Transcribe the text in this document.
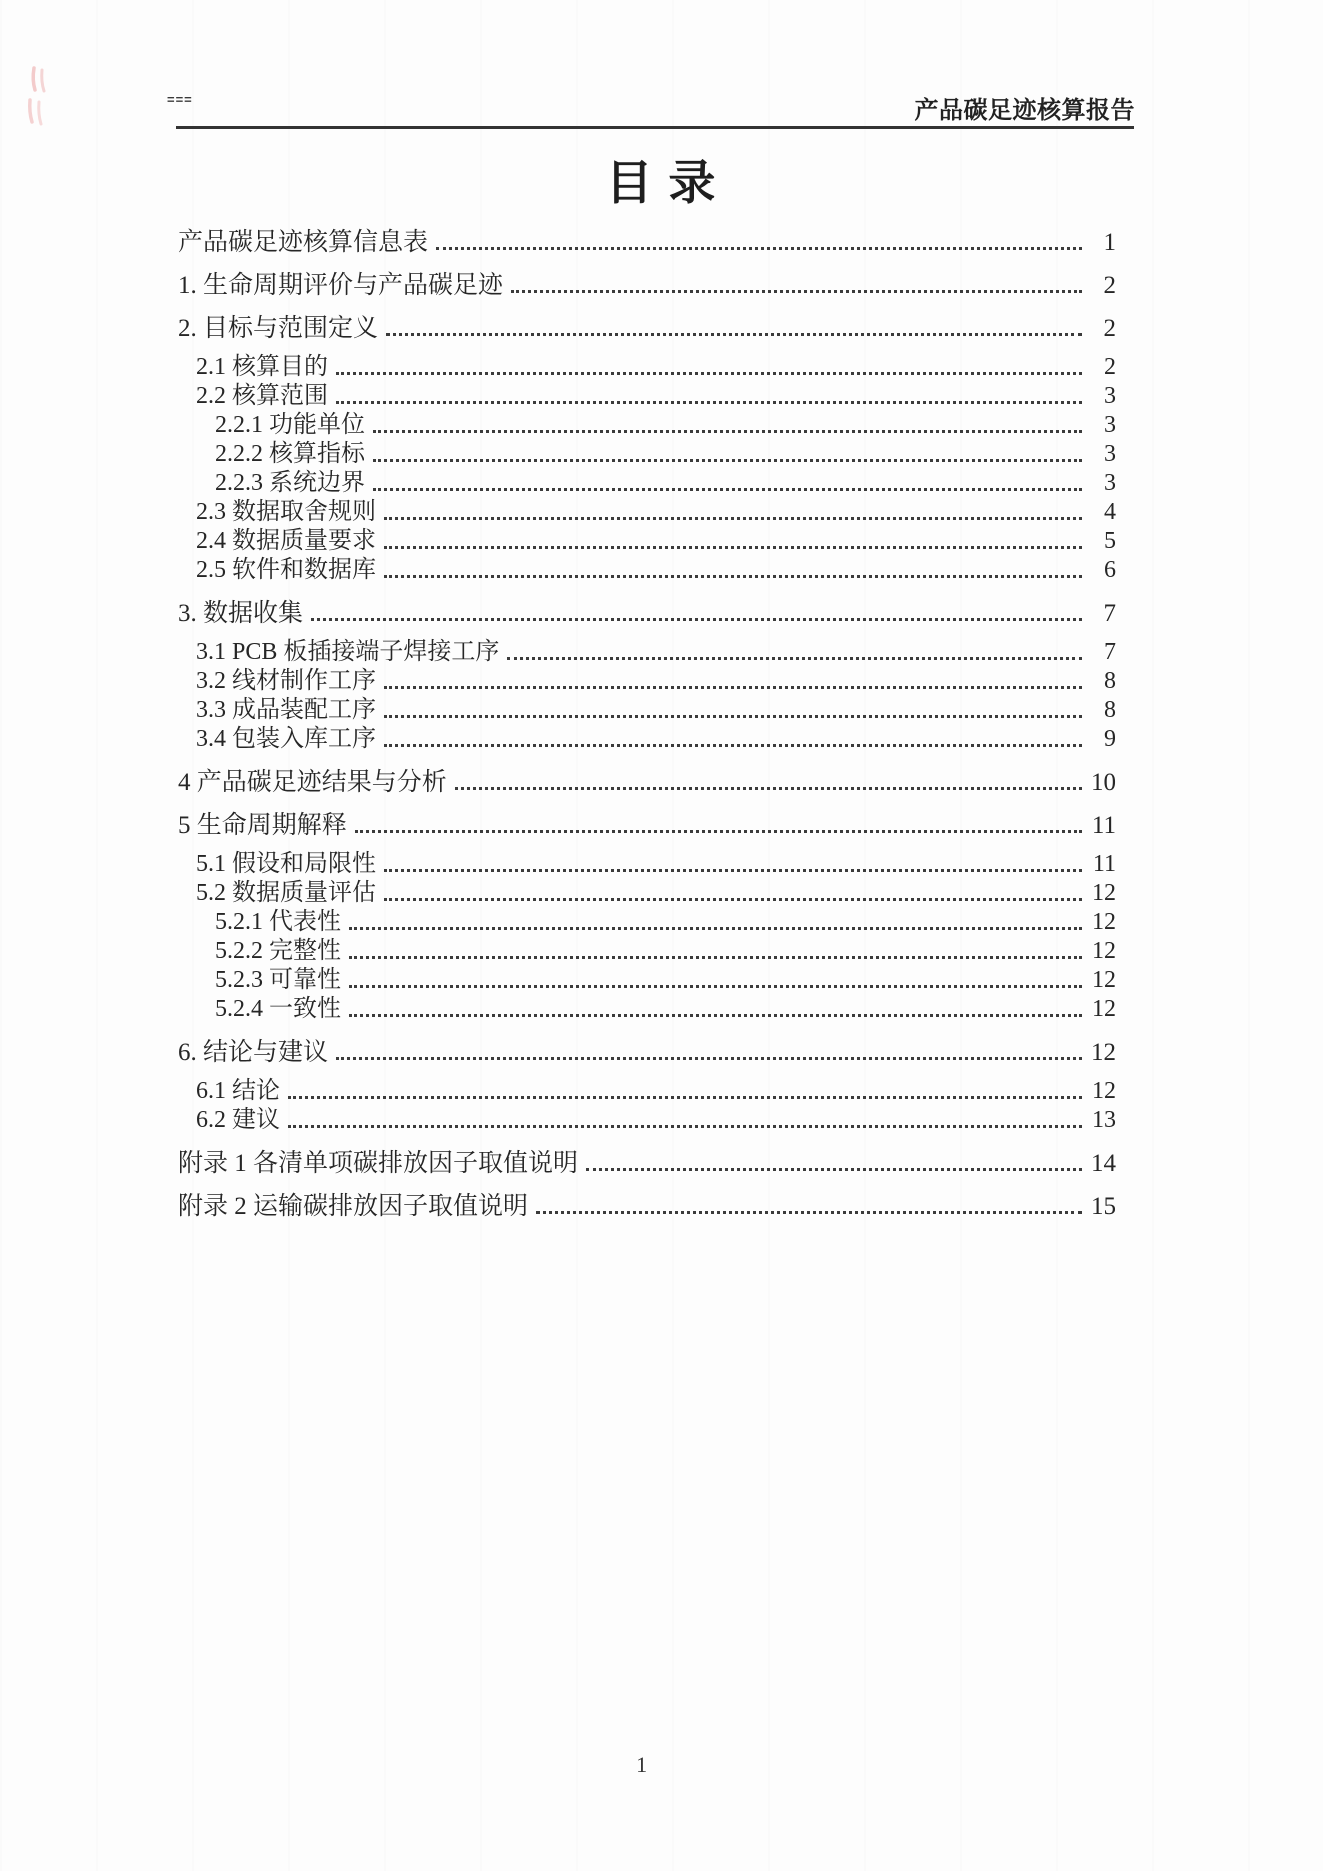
===	产品碳足迹核算报告
目 录
产品碳足迹核算信息表	1
1. 生命周期评价与产品碳足迹	2
2. 目标与范围定义	2
2.1 核算目的	2
2.2 核算范围	3
2.2.1 功能单位	3
2.2.2 核算指标	3
2.2.3 系统边界	3
2.3 数据取舍规则	4
2.4 数据质量要求	5
2.5 软件和数据库	6
3. 数据收集	7
3.1 PCB 板插接端子焊接工序	7
3.2 线材制作工序	8
3.3 成品装配工序	8
3.4 包装入库工序	9
4 产品碳足迹结果与分析	10
5 生命周期解释	11
5.1 假设和局限性	11
5.2 数据质量评估	12
5.2.1 代表性	12
5.2.2 完整性	12
5.2.3 可靠性	12
5.2.4 一致性	12
6. 结论与建议	12
6.1 结论	12
6.2 建议	13
附录 1 各清单项碳排放因子取值说明	14
附录 2 运输碳排放因子取值说明	15
1
